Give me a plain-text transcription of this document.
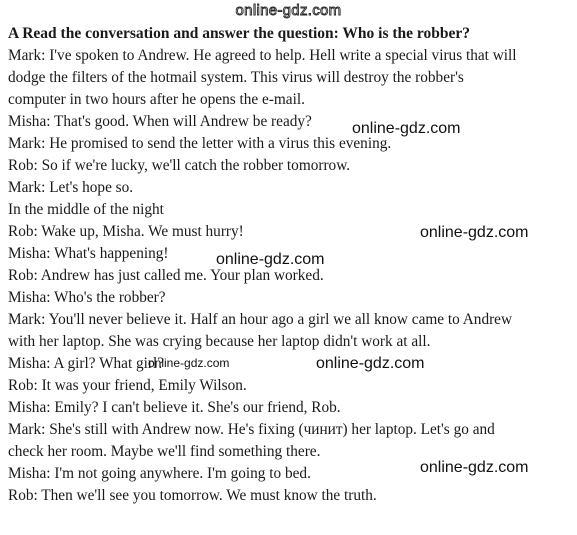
online-gdz.com

A Read the conversation and answer the question: Who is the robber?

Mark: I've spoken to Andrew. He agreed to help. Hell write a special virus that will

dodge the filters of the hotmail system. This virus will destroy the robber's

computer in two hours after he opens the e-mail.

Misha: That's good. When will Andrew be ready?

Mark: He promised to send the letter with a virus this evening.

Rob: So if we're lucky, we'll catch the robber tomorrow.

Mark: Let's hope so.

In the middle of the night

Rob: Wake up, Misha. We must hurry!

Misha: What's happening!

Rob: Andrew has just called me. Your plan worked.

Misha: Who's the robber?

Mark: You'll never believe it. Half an hour ago a girl we all know came to Andrew

with her laptop. She was crying because her laptop didn't work at all.

Misha: A girl? What girl?

Rob: It was your friend, Emily Wilson.

Misha: Emily? I can't believe it. She's our friend, Rob.

Mark: She's still with Andrew now. He's fixing (чинит) her laptop. Let's go and

check her room. Maybe we'll find something there.

Misha: I'm not going anywhere. I'm going to bed.

Rob: Then we'll see you tomorrow. We must know the truth.

online-gdz.com
online-gdz.com
online-gdz.com
online-gdz.com	online-gdz.com
online-gdz.com
